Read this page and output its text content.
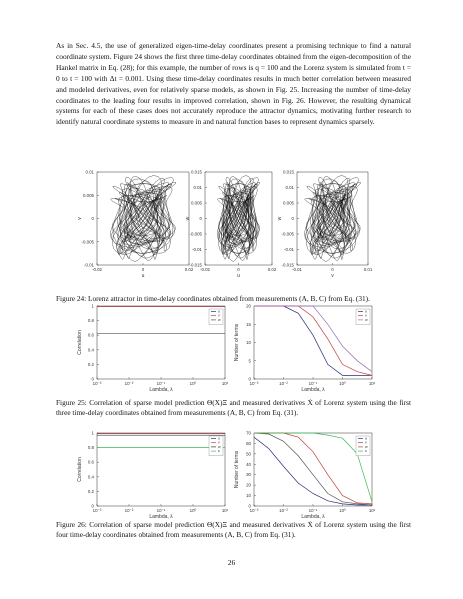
As in Sec. 4.5, the use of generalized eigen-time-delay coordinates present a promising technique to find a natural coordinate system. Figure 24 shows the first three time-delay coordinates obtained from the eigen-decomposition of the Hankel matrix in Eq. (28); for this example, the number of rows is q = 100 and the Lorenz system is simulated from t = 0 to t = 100 with Δt = 0.001. Using these time-delay coordinates results in much better correlation between measured and modeled derivatives, even for relatively sparse models, as shown in Fig. 25. Increasing the number of time-delay coordinates to the leading four results in improved correlation, shown in Fig. 26. However, the resulting dynamical systems for each of these cases does not accurately reproduce the attractor dynamics, motivating further research to identify natural coordinate systems to measure in and natural function bases to represent dynamics sparsely.

0.01
0.005
0
-0.005
-0.01
-0.02	0	0.02
u
v
0.015
0.01
0.005
0
-0.005
-0.01
-0.015
-0.02	0	0.02
u
w
0.015
0.01
0.005
0
-0.005
-0.01
-0.015
-0.01	0	0.01
v
w
1
0.8
0.6
0.4
0.2
0
10⁻³	10⁻²	10⁻¹	10⁰	10¹
Lambda, λ
Correlation
u
v
w
20
15
10
5
0
10⁻³	10⁻²	10⁻¹	10⁰	10¹
Lambda, λ
Number of terms
u
v
w
1
0.8
0.6
0.4
0.2
0
10⁻³	10⁻²	10⁻¹	10⁰	10¹
Lambda, λ
Correlation
u
v
w
s
70
60
50
40
30
20
10
0
10⁻³	10⁻²	10⁻¹	10⁰	10¹
Lambda, λ
Number of terms
u
v
w
s

Figure 24: Lorenz attractor in time-delay coordinates obtained from measurements (A, B, C) from Eq. (31).

Figure 25: Correlation of sparse model prediction Θ(X)Ξ and measured derivatives Ẋ of Lorenz system using the first three time-delay coordinates obtained from measurements (A, B, C) from Eq. (31).

Figure 26: Correlation of sparse model prediction Θ(X)Ξ and measured derivatives Ẋ of Lorenz system using the first four time-delay coordinates obtained from measurements (A, B, C) from Eq. (31).

26
